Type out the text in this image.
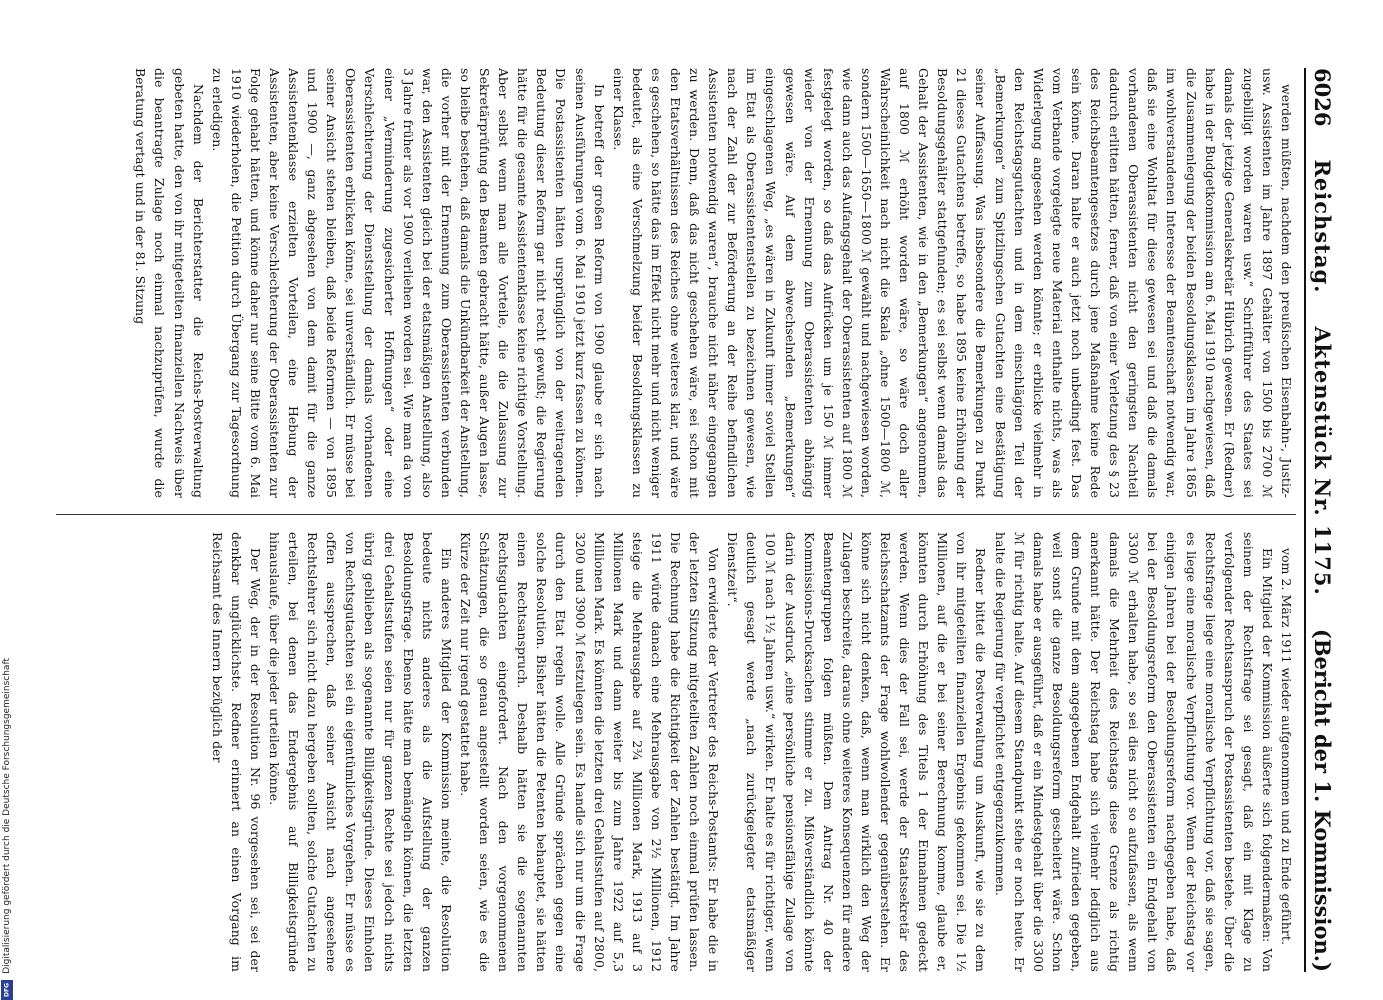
6026
Reichstag.
Aktenstück Nr. 1175.
(Bericht der 1. Kommission.)

werden müßten, nachdem den preußischen Eisenbahn-, Justiz- usw. Assistenten im Jahre 1897 Gehälter von 1500 bis 2700 ℳ zugebilligt worden waren usw.“ Schriftführer des Staates sei damals der jetzige Generalsekretär Hübrich gewesen. Er (Redner) habe in der Budgetkommission am 6. Mai 1910 nachgewiesen, daß die Zusammenlegung der beiden Besoldungsklassen im Jahre 1865 im wohlverstandenen Interesse der Beamtenschaft notwendig war, daß sie eine Wohltat für diese gewesen sei und daß die damals vorhandenen Oberassistenten nicht den geringsten Nachteil dadurch erlitten hätten, ferner, daß von einer Verletzung des § 23 des Reichsbeamtengesetzes durch jene Maßnahme keine Rede sein könne. Daran halte er auch jetzt noch unbedingt fest. Das vom Verbande vorgelegte neue Material enthalte nichts, was als Widerlegung angesehen werden könnte; er erblicke vielmehr in den Reichstagsgutachten und in dem einschlägigen Teil der „Bemerkungen“ zum Spitzlingschen Gutachten eine Bestätigung seiner Auffassung. Was insbesondere die Bemerkungen zu Punkt 21 dieses Gutachtens betreffe, so habe 1895 keine Erhöhung der Besoldungsgehälter stattgefunden; es sei selbst wenn damals das Gehalt der Assistenten, wie in den „Bemerkungen“ angenommen, auf 1800 ℳ erhöht worden wäre, so wäre doch aller Wahrscheinlichkeit nach nicht die Skala „ohne 1500—1800 ℳ, sondern 1500—1650—1800 ℳ gewählt und nachgewiesen worden, wie dann auch das Aufangsgehalt der Oberassistenten auf 1800 ℳ festgelegt worden, so daß das Aufrücken um je 150 ℳ immer wieder von der Ernennung zum Oberassistenten abhängig gewesen wäre. Auf dem abwechselnden „Bemerkungen“ eingeschlagenen Weg, „es wären in Zukunft immer soviel Stellen im Etat als Oberassistentenstellen zu bezeichnen gewesen, wie nach der Zahl der zur Beförderung an der Reihe befindlichen Assistenten notwendig waren“, brauche nicht näher eingegangen zu werden. Denn, daß das nicht geschehen wäre, sei schon mit den Etatsverhältnissen des Reiches ohne weiteres klar, und wäre es geschehen, so hätte das im Effekt nicht mehr und nicht weniger bedeutet, als eine Verschmelzung beider Besoldungsklassen zu einer Klasse.

In betreff der großen Reform von 1900 glaube er sich nach seinen Ausführungen vom 6. Mai 1910 jetzt kurz fassen zu können. Die Postassistenten hätten ursprünglich von der weitragenden Bedeutung dieser Reform gar nicht recht gewußt; die Regierung hätte für die gesamte Assistentenklasse keine richtige Vorstellung. Aber selbst wenn man alle Vorteile, die die Zulassung zur Sekretärprüfung den Beamten gebracht hätte, außer Augen lasse, so bleibe bestehen, daß damals die Unkündbarkeit der Anstellung, die vorher mit der Ernennung zum Oberassistenten verbunden war, den Assistenten gleich bei der etatsmäßigen Anstellung, also 3 Jahre früher als vor 1900 verliehen worden sei. Wie man da von einer „Verminderung zugesicherter Hoffnungen“ oder eine Verschlechterung der Dienststellung der damals vorhandenen Oberassistenten erblicken könne, sei unverständlich. Er müsse bei seiner Ansicht stehen bleiben, daß beide Reformen — von 1895 und 1900 —, ganz abgesehen von dem damit für die ganze Assistentenklasse erzielten Vorteilen, eine Hebung der Assistenten, aber keine Verschlechterung der Oberassistenten zur Folge gehabt hätten, und könne daher nur seine Bitte vom 6. Mai 1910 wiederholen, die Petition durch Übergang zur Tagesordnung zu erledigen.

Nachdem der Berichterstatter die Reichs-Postverwaltung gebeten hatte, den von ihr mitgeteilten finanziellen Nachweis über die beantragte Zulage noch einmal nachzuprüfen, wurde die Beratung vertagt und in der 81. Sitzung

vom 2. März 1911 wieder aufgenommen und zu Ende geführt.

Ein Mitglied der Kommission äußerte sich folgendermaßen: Von seinem der Rechtsfrage sei gesagt, daß ein mit Klage zu verfolgender Rechtsanspruch der Postassistenten bestehe. Über die Rechtsfrage liege eine moralische Verpflichtung vor, daß sie sagen, es liege eine moralische Verpflichtung vor. Wenn der Reichstag vor einigen Jahren bei der Besoldungsreform nachgegeben habe, daß bei der Besoldungsreform den Oberassistenten ein Endgehalt von 3300 ℳ erhalten habe, so sei dies nicht so aufzufassen, als wenn damals die Mehrheit des Reichstags diese Grenze als richtig anerkannt hätte. Der Reichstag habe sich vielmehr lediglich aus dem Grunde mit dem angegebenen Endgehalt zufrieden gegeben, weil sonst die ganze Besoldungsreform gescheitert wäre. Schon damals habe er ausgeführt, daß er ein Mindestgehalt über die 3300 ℳ für richtig halte. Auf diesem Standpunkt stehe er noch heute. Er halte die Regierung für verpflichtet entgegenzukommen.

Redner bittet die Postverwaltung um Auskunft, wie sie zu dem von ihr mitgeteilten finanziellen Ergebnis gekommen sei. Die 1½ Millionen, auf die er bei seiner Berechnung komme, glaube er, könnten durch Erhöhung des Titels 1 der Einnahmen gedeckt werden. Wenn dies der Fall sei, werde der Staatssekretär des Reichsschatzamts der Frage wohlwollender gegenüberstehen. Er könne sich nicht denken, daß, wenn man wirklich den Weg der Zulagen beschreite, daraus ohne weiteres Konsequenzen für andere Beamtengruppen folgen müßten. Dem Antrag Nr. 40 der Kommissions-Drucksachen stimme er zu. Mißverständlich könnte darin der Ausdruck „eine persönliche pensionsfähige Zulage von 100 ℳ nach 1½ Jahren usw.“ wirken. Er halte es für richtiger, wenn deutlich gesagt werde „nach zurückgelegter etatsmäßiger Dienstzeit“.

Von erwiderte der Vertreter des Reichs-Postamts: Er habe die in der letzten Sitzung mitgeteilten Zahlen noch einmal prüfen lassen. Die Rechnung habe die Richtigkeit der Zahlen bestätigt. Im Jahre 1911 würde danach eine Mehrausgabe von 2½ Millionen, 1912 steige die Mehrausgabe auf 2¾ Millionen Mark, 1913 auf 3 Millionen Mark und dann weiter bis zum Jahre 1922 auf 5,3 Millionen Mark. Es könnten die letzten drei Gehaltsstufen auf 2800, 3200 und 3900 ℳ festzulegen sein. Es handle sich nur um die Frage durch den Etat regeln wolle. Alle Gründe sprächen gegen eine solche Resolution. Bisher hätten die Petenten behauptet, sie hätten einen Rechtsanspruch. Deshalb hätten sie die sogenannten Rechtsgutachten eingefordert. Nach den vorgenommenen Schätzungen, die so genau angestellt worden seien, wie es die Kürze der Zeit nur irgend gestattet habe.

Ein anderes Mitglied der Kommission meinte, die Resolution bedeute nichts anderes als die Aufstellung der ganzen Besoldungsfrage. Ebenso hätte man bemängeln können, die letzten drei Gehaltsstufen seien nur für ganzen Rechte sei jedoch nichts übrig geblieben als sogenannte Billigkeitsgründe. Dieses Einholen von Rechtsgutachten sei ein eigentümliches Vorgehen. Er müsse es offen aussprechen, daß seiner Ansicht nach angesehene Rechtslehrer sich nicht dazu hergeben sollten, solche Gutachten zu erteilen, bei denen das Endergebnis auf Billigkeitsgründe hinauslaufe, über die jeder urteilen könne.

Der Weg, der in der Resolution Nr. 96 vorgesehen sei, sei der denkbar unglücklichste. Redner erinnert an einen Vorgang im Reichsamt des Innern bezüglich der

Digitalisierung gefördert durch die Deutsche Forschungsgemeinschaft
DFG
